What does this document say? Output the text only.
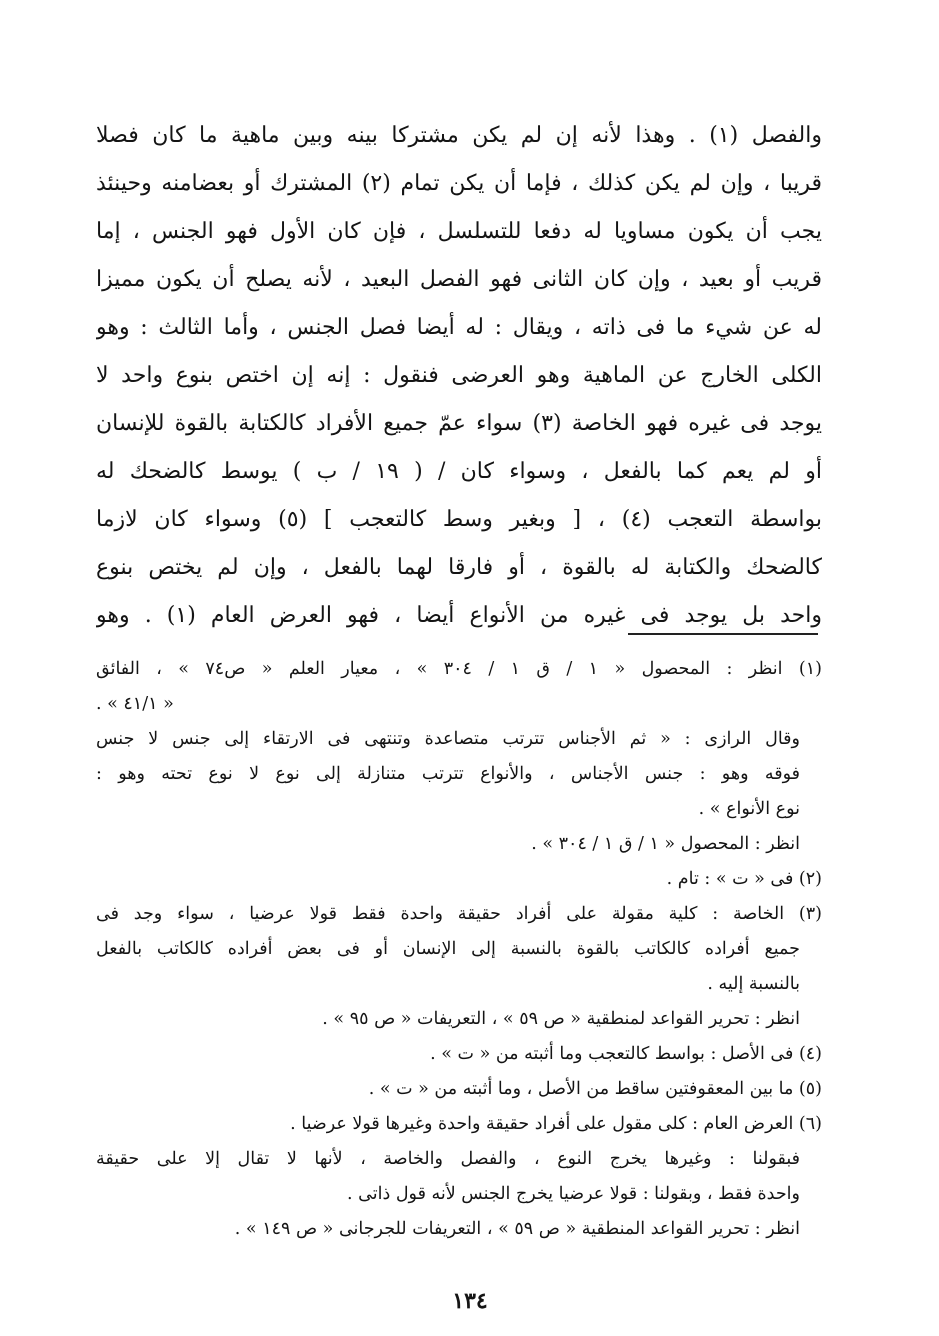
والفصل (١) . وهذا لأنه إن لم يكن مشتركا بينه وبين ماهية ما كان فصلا
قريبا ، وإن لم يكن كذلك ، فإما أن يكن تمام (٢) المشترك أو بعضامنه وحينئذ
يجب أن يكون مساويا له دفعا للتسلسل ، فإن كان الأول فهو الجنس ، إما
قريب أو بعيد ، وإن كان الثانى فهو الفصل البعيد ، لأنه يصلح أن يكون مميزا
له عن شيء ما فى ذاته ، ويقال : له أيضا فصل الجنس ، وأما الثالث : وهو
الكلى الخارج عن الماهية وهو العرضى فنقول : إنه إن اختص بنوع واحد لا
يوجد فى غيره فهو الخاصة (٣) سواء عمّ جميع الأفراد كالكتابة بالقوة للإنسان
أو لم يعم كما بالفعل ، وسواء كان / ( ١٩ / ب ) يوسط كالضحك له
بواسطة التعجب (٤) ، [ وبغير وسط كالتعجب ] (٥) وسواء كان لازما
كالضحك والكتابة له بالقوة ، أو فارقا لهما بالفعل ، وإن لم يختص بنوع
واحد بل يوجد فى غيره من الأنواع أيضا ، فهو العرض العام (١) . وهو
(١) انظر : المحصول « ١ / ق ١ / ٣٠٤ » ، معيار العلم « ص٧٤ » ، الفائق
« ٤١/١ » .
وقال الرازى : « ثم الأجناس تترتب متصاعدة وتنتهى فى الارتقاء إلى جنس لا جنس
فوقه وهو : جنس الأجناس ، والأنواع تترتب متنازلة إلى نوع لا نوع تحته وهو :
نوع الأنواع » .
انظر : المحصول « ١ / ق ١ / ٣٠٤ » .
(٢) فى « ت » : تام .
(٣) الخاصة : كلية مقولة على أفراد حقيقة واحدة فقط قولا عرضيا ، سواء وجد فى
جميع أفراده كالكاتب بالقوة بالنسبة إلى الإنسان أو فى بعض أفراده كالكاتب بالفعل
بالنسبة إليه .
انظر : تحرير القواعد لمنطقية « ص ٥٩ » ، التعريفات « ص ٩٥ » .
(٤) فى الأصل : بواسط كالتعجب وما أثبته من « ت » .
(٥) ما بين المعقوفتين ساقط من الأصل ، وما أثبته من « ت » .
(٦) العرض العام : كلى مقول على أفراد حقيقة واحدة وغيرها قولا عرضيا .
فبقولنا : وغيرها يخرج النوع ، والفصل والخاصة ، لأنها لا تقال إلا على حقيقة
واحدة فقط ، وبقولنا : قولا عرضيا يخرج الجنس لأنه قول ذاتى .
انظر : تحرير القواعد المنطقية « ص ٥٩ » ، التعريفات للجرجانى « ص ١٤٩ » .
١٣٤
